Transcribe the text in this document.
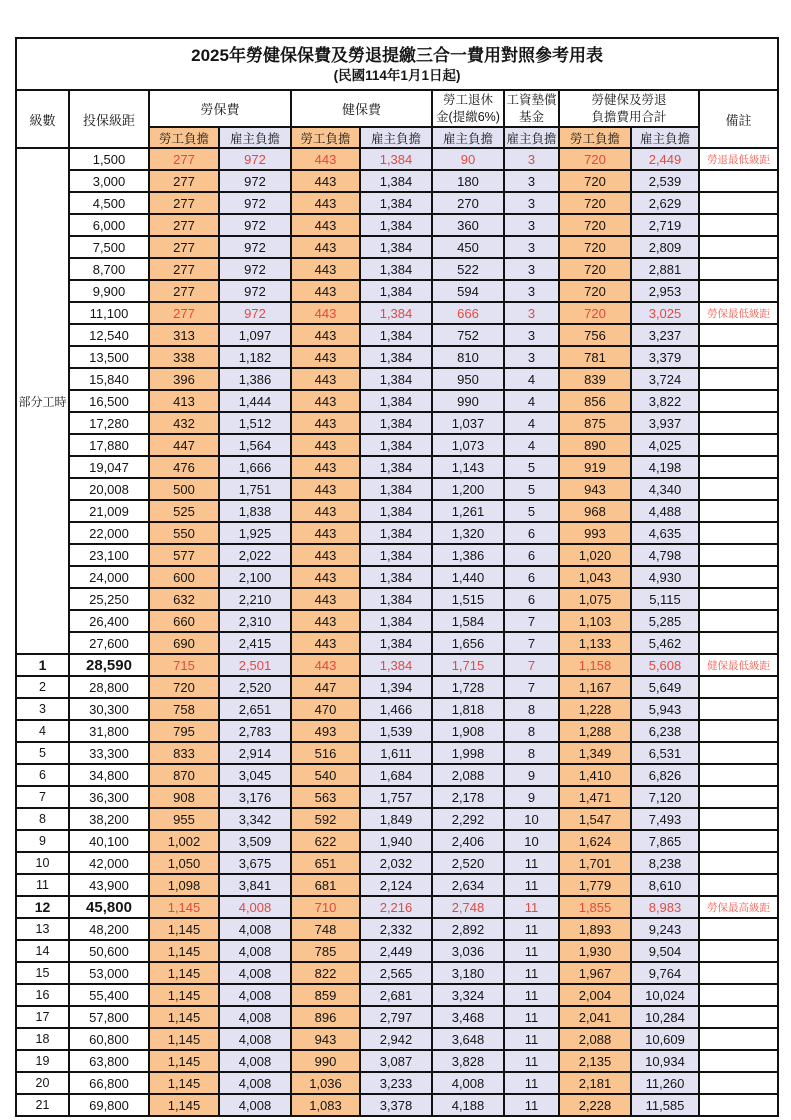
2025年勞健保保費及勞退提繳三合一費用對照參考用表
(民國114年1月1日起)										

級數	投保級距	勞保費		健保費		勞工退休
金(提繳6%)	工資墊償
基金	勞健保及勞退
負擔費用合計		備註
		勞工負擔	雇主負擔	勞工負擔	雇主負擔	雇主負擔	雇主負擔	勞工負擔	雇主負擔	
部分工時	1,500	277	972	443	1,384	90	3	720	2,449	勞退最低級距
	3,000	277	972	443	1,384	180	3	720	2,539	
	4,500	277	972	443	1,384	270	3	720	2,629	
	6,000	277	972	443	1,384	360	3	720	2,719	
	7,500	277	972	443	1,384	450	3	720	2,809	
	8,700	277	972	443	1,384	522	3	720	2,881	
	9,900	277	972	443	1,384	594	3	720	2,953	
	11,100	277	972	443	1,384	666	3	720	3,025	勞保最低級距
	12,540	313	1,097	443	1,384	752	3	756	3,237	
	13,500	338	1,182	443	1,384	810	3	781	3,379	
	15,840	396	1,386	443	1,384	950	4	839	3,724	
	16,500	413	1,444	443	1,384	990	4	856	3,822	
	17,280	432	1,512	443	1,384	1,037	4	875	3,937	
	17,880	447	1,564	443	1,384	1,073	4	890	4,025	
	19,047	476	1,666	443	1,384	1,143	5	919	4,198	
	20,008	500	1,751	443	1,384	1,200	5	943	4,340	
	21,009	525	1,838	443	1,384	1,261	5	968	4,488	
	22,000	550	1,925	443	1,384	1,320	6	993	4,635	
	23,100	577	2,022	443	1,384	1,386	6	1,020	4,798	
	24,000	600	2,100	443	1,384	1,440	6	1,043	4,930	
	25,250	632	2,210	443	1,384	1,515	6	1,075	5,115	
	26,400	660	2,310	443	1,384	1,584	7	1,103	5,285	
	27,600	690	2,415	443	1,384	1,656	7	1,133	5,462	
1	28,590	715	2,501	443	1,384	1,715	7	1,158	5,608	健保最低級距
2	28,800	720	2,520	447	1,394	1,728	7	1,167	5,649	
3	30,300	758	2,651	470	1,466	1,818	8	1,228	5,943	
4	31,800	795	2,783	493	1,539	1,908	8	1,288	6,238	
5	33,300	833	2,914	516	1,611	1,998	8	1,349	6,531	
6	34,800	870	3,045	540	1,684	2,088	9	1,410	6,826	
7	36,300	908	3,176	563	1,757	2,178	9	1,471	7,120	
8	38,200	955	3,342	592	1,849	2,292	10	1,547	7,493	
9	40,100	1,002	3,509	622	1,940	2,406	10	1,624	7,865	
10	42,000	1,050	3,675	651	2,032	2,520	11	1,701	8,238	
11	43,900	1,098	3,841	681	2,124	2,634	11	1,779	8,610	
12	45,800	1,145	4,008	710	2,216	2,748	11	1,855	8,983	勞保最高級距
13	48,200	1,145	4,008	748	2,332	2,892	11	1,893	9,243	
14	50,600	1,145	4,008	785	2,449	3,036	11	1,930	9,504	
15	53,000	1,145	4,008	822	2,565	3,180	11	1,967	9,764	
16	55,400	1,145	4,008	859	2,681	3,324	11	2,004	10,024	
17	57,800	1,145	4,008	896	2,797	3,468	11	2,041	10,284	
18	60,800	1,145	4,008	943	2,942	3,648	11	2,088	10,609	
19	63,800	1,145	4,008	990	3,087	3,828	11	2,135	10,934	
20	66,800	1,145	4,008	1,036	3,233	4,008	11	2,181	11,260	
21	69,800	1,145	4,008	1,083	3,378	4,188	11	2,228	11,585	
